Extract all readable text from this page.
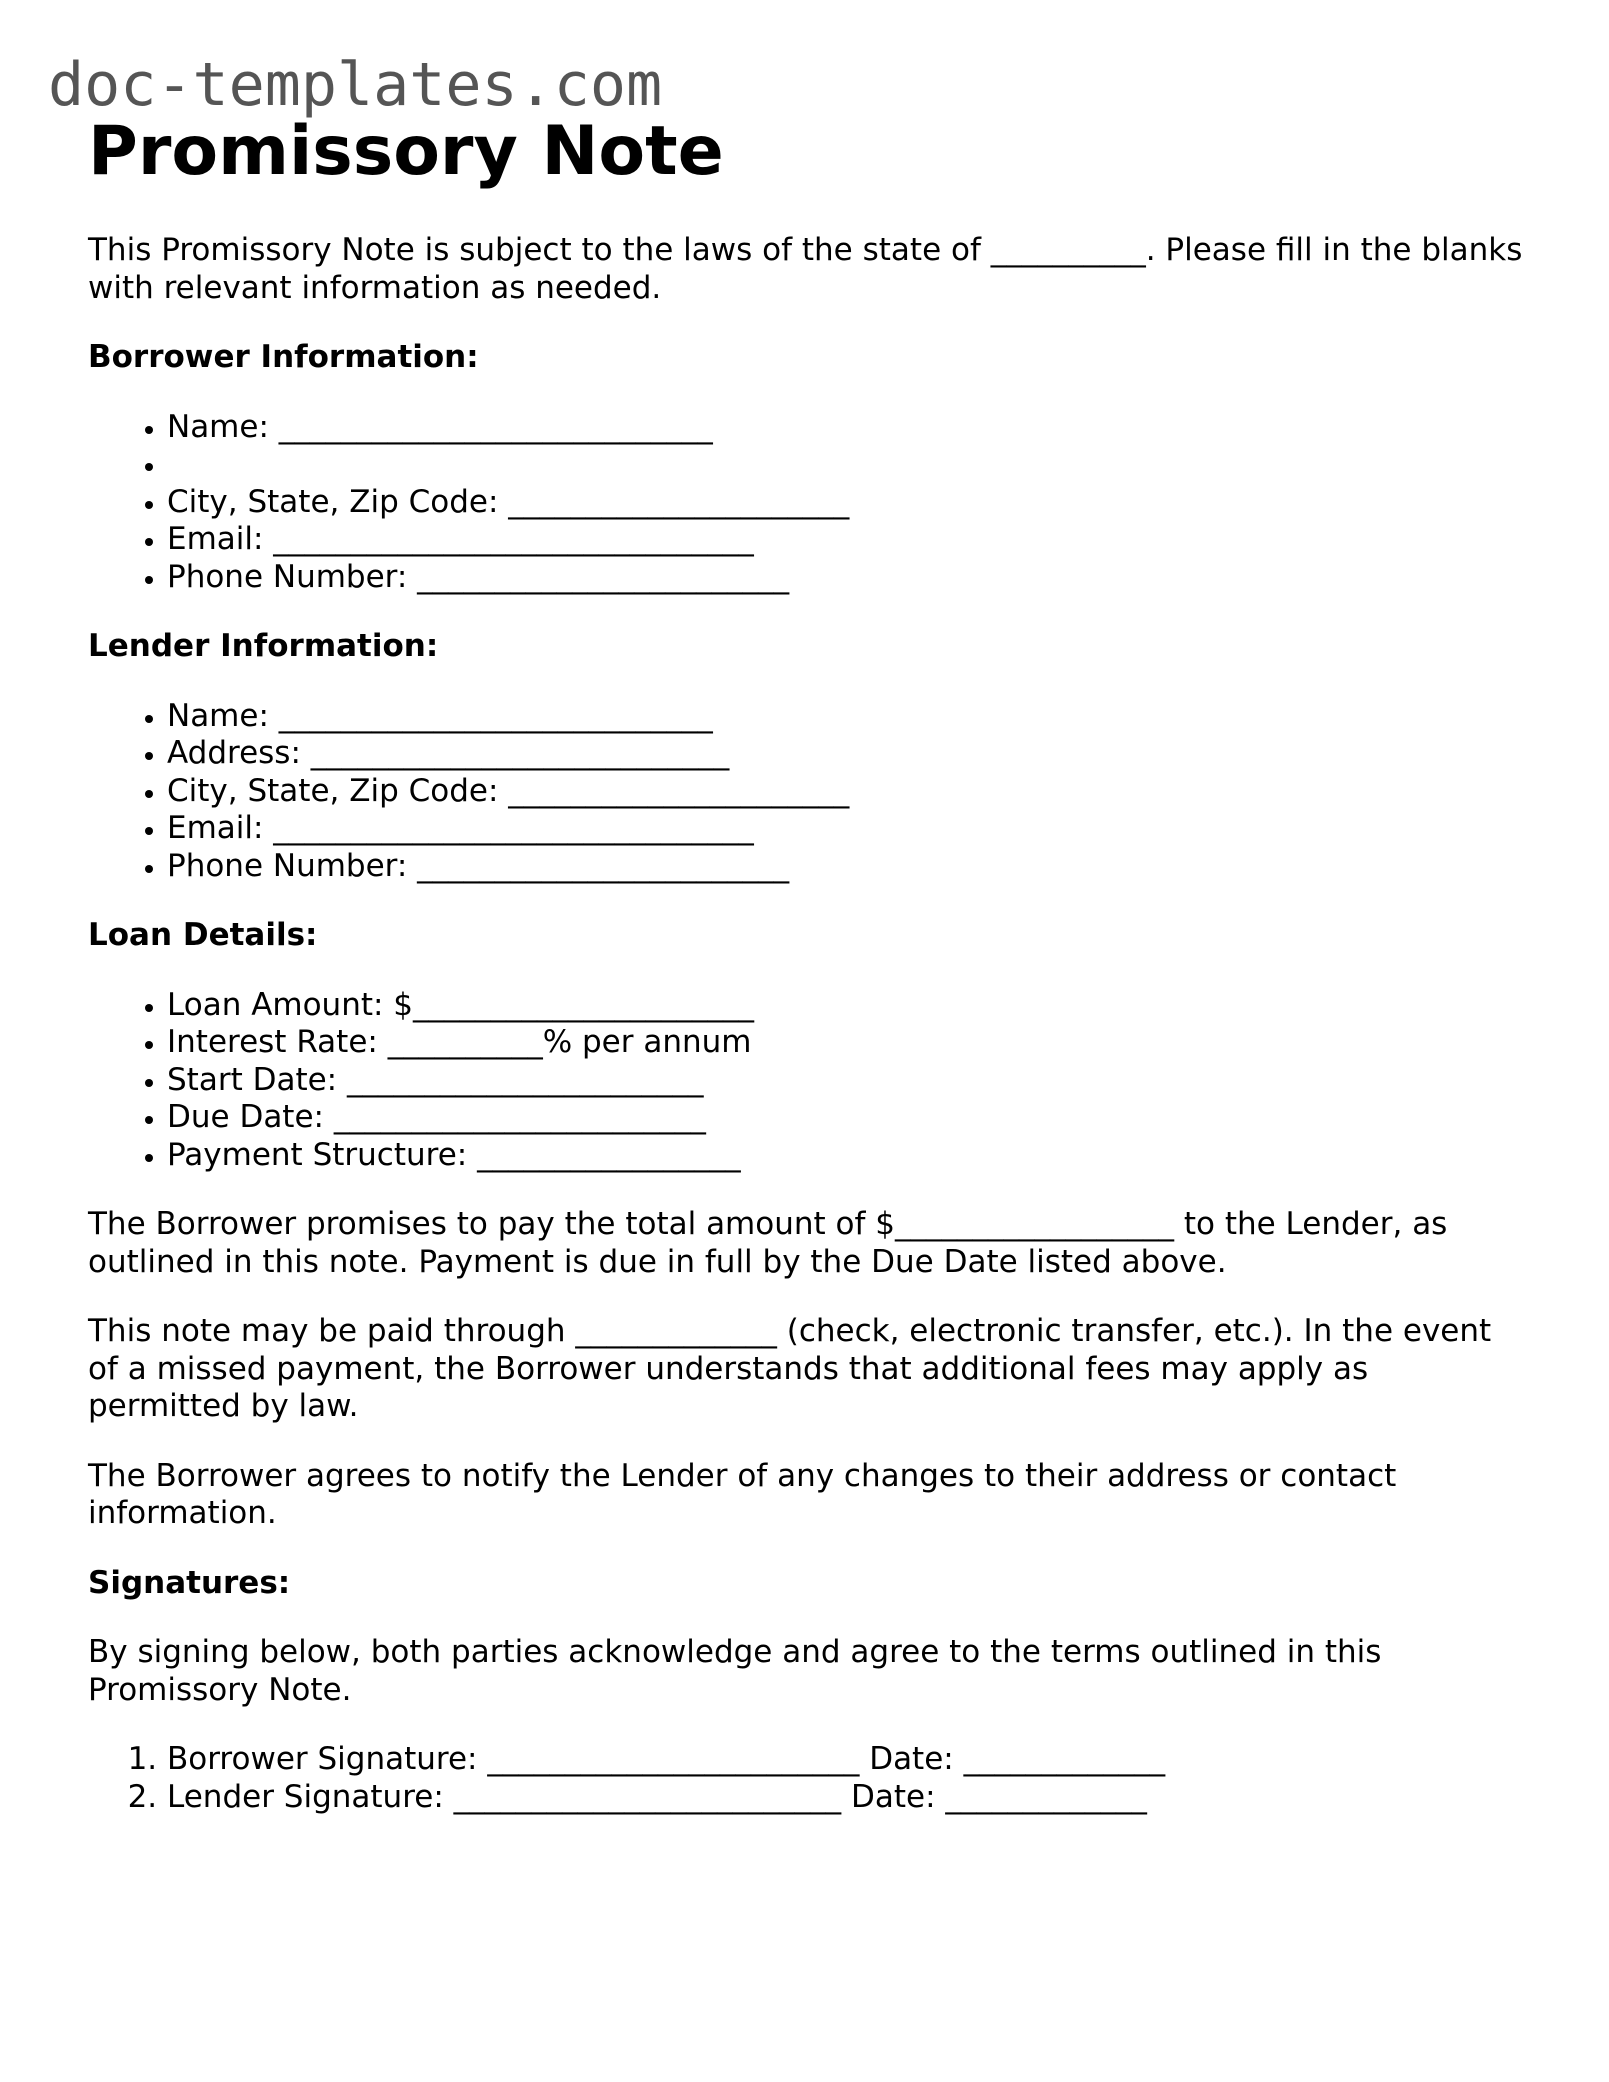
doc-templates.com
Promissory Note

This Promissory Note is subject to the laws of the state of __________. Please fill in the blanks with relevant information as needed.

Borrower Information:
• Name: ____________________________
•
• City, State, Zip Code: ______________________
• Email: _______________________________
• Phone Number: ________________________
Lender Information:
• Name: ____________________________
• Address: ___________________________
• City, State, Zip Code: ______________________
• Email: _______________________________
• Phone Number: ________________________
Loan Details:
• Loan Amount: $______________________
• Interest Rate: __________% per annum
• Start Date: _______________________
• Due Date: ________________________
• Payment Structure: _________________

The Borrower promises to pay the total amount of $__________________ to the Lender, as outlined in this note. Payment is due in full by the Due Date listed above.

This note may be paid through _____________ (check, electronic transfer, etc.). In the event of a missed payment, the Borrower understands that additional fees may apply as permitted by law.

The Borrower agrees to notify the Lender of any changes to their address or contact information.

Signatures:

By signing below, both parties acknowledge and agree to the terms outlined in this Promissory Note.

1. Borrower Signature: ________________________ Date: _____________
2. Lender Signature: _________________________ Date: _____________
